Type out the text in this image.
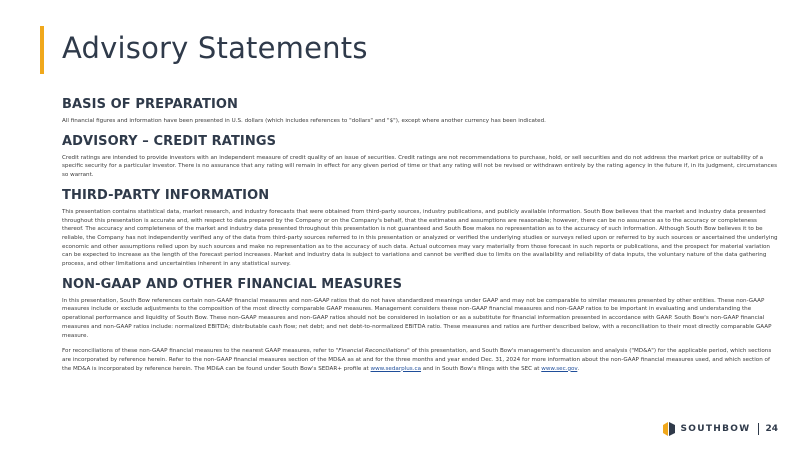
Advisory Statements
BASIS OF PREPARATION

All financial figures and information have been presented in U.S. dollars (which includes references to "dollars" and "$"), except where another currency has been indicated.

ADVISORY – CREDIT RATINGS

Credit ratings are intended to provide investors with an independent measure of credit quality of an issue of securities. Credit ratings are not recommendations to purchase, hold, or sell securities and do not address the market price or suitability of a specific security for a particular investor. There is no assurance that any rating will remain in effect for any given period of time or that any rating will not be revised or withdrawn entirely by the rating agency in the future if, in its judgment, circumstances so warrant.

THIRD-PARTY INFORMATION

This presentation contains statistical data, market research, and industry forecasts that were obtained from third-party sources, industry publications, and publicly available information. South Bow believes that the market and industry data presented throughout this presentation is accurate and, with respect to data prepared by the Company or on the Company's behalf, that the estimates and assumptions are reasonable; however, there can be no assurance as to the accuracy or completeness thereof. The accuracy and completeness of the market and industry data presented throughout this presentation is not guaranteed and South Bow makes no representation as to the accuracy of such information. Although South Bow believes it to be reliable, the Company has not independently verified any of the data from third-party sources referred to in this presentation or analyzed or verified the underlying studies or surveys relied upon or referred to by such sources or ascertained the underlying economic and other assumptions relied upon by such sources and make no representation as to the accuracy of such data. Actual outcomes may vary materially from those forecast in such reports or publications, and the prospect for material variation can be expected to increase as the length of the forecast period increases. Market and industry data is subject to variations and cannot be verified due to limits on the availability and reliability of data inputs, the voluntary nature of the data gathering process, and other limitations and uncertainties inherent in any statistical survey.

NON-GAAP AND OTHER FINANCIAL MEASURES

In this presentation, South Bow references certain non-GAAP financial measures and non-GAAP ratios that do not have standardized meanings under GAAP and may not be comparable to similar measures presented by other entities. These non-GAAP measures include or exclude adjustments to the composition of the most directly comparable GAAP measures. Management considers these non-GAAP financial measures and non-GAAP ratios to be important in evaluating and understanding the operational performance and liquidity of South Bow. These non-GAAP measures and non-GAAP ratios should not be considered in isolation or as a substitute for financial information presented in accordance with GAAP. South Bow's non-GAAP financial measures and non-GAAP ratios include: normalized EBITDA; distributable cash flow; net debt; and net debt-to-normalized EBITDA ratio. These measures and ratios are further described below, with a reconciliation to their most directly comparable GAAP measure.

For reconciliations of these non-GAAP financial measures to the nearest GAAP measures, refer to "Financial Reconciliations" of this presentation, and South Bow's management's discussion and analysis ("MD&A") for the applicable period, which sections are incorporated by reference herein. Refer to the non-GAAP financial measures section of the MD&A as at and for the three months and year ended Dec. 31, 2024 for more information about the non-GAAP financial measures used, and which section of the MD&A is incorporated by reference herein. The MD&A can be found under South Bow's SEDAR+ profile at www.sedarplus.ca and in South Bow's filings with the SEC at www.sec.gov.

SOUTHBOW 24
